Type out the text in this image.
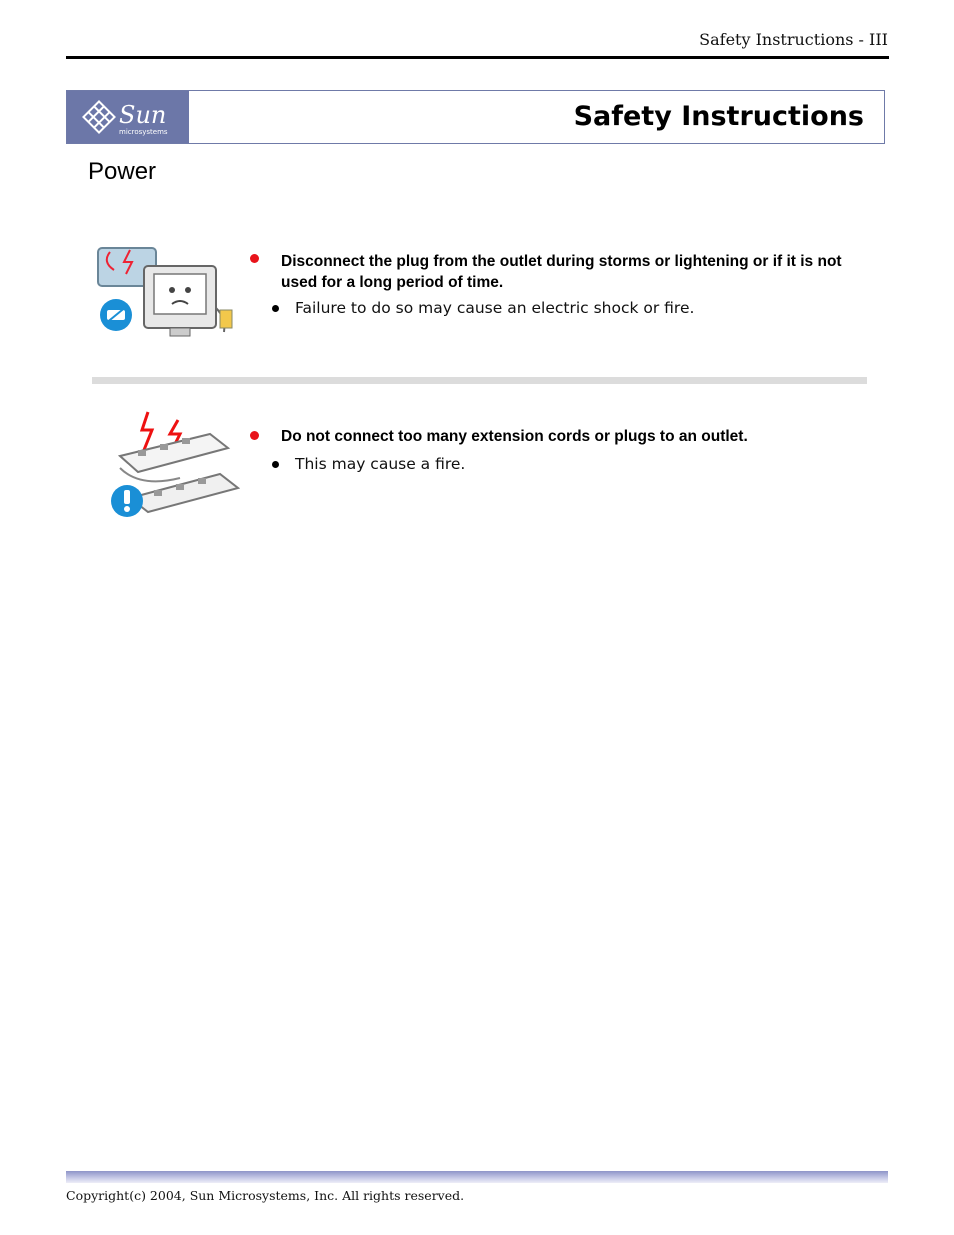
Safety Instructions - III
Sun
microsystems	Safety Instructions
Power
Disconnect the plug from the outlet during storms or lightening or if it is not used for a long period of time.
Failure to do so may cause an electric shock or fire.
Do not connect too many extension cords or plugs to an outlet.
This may cause a fire.
Copyright(c) 2004, Sun Microsystems, Inc. All rights reserved.
